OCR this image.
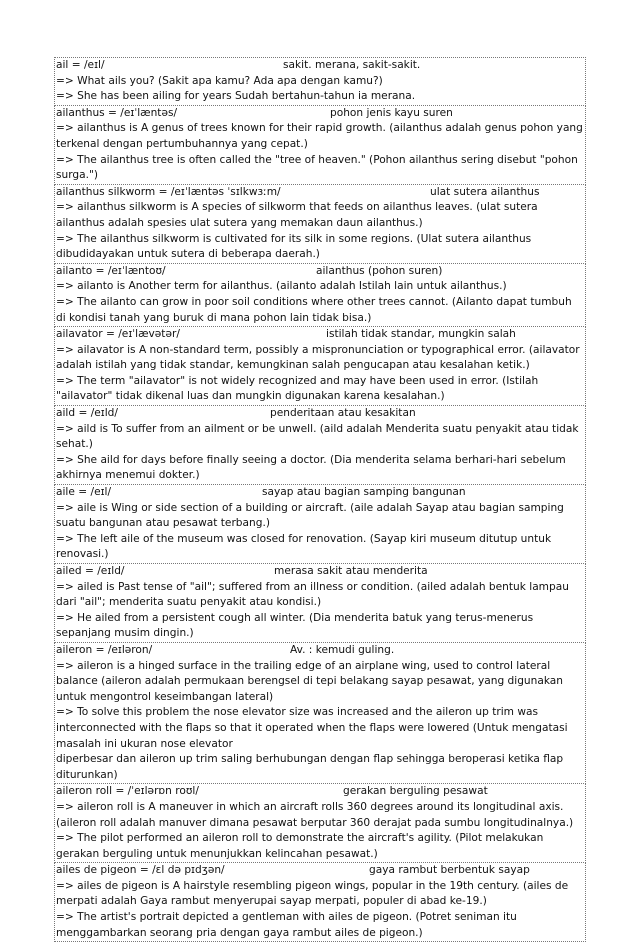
ail = /eɪl/	sakit. merana, sakit-sakit.
=> What ails you? (Sakit apa kamu? Ada apa dengan kamu?)
=> She has been ailing for years Sudah bertahun-tahun ia merana.
ailanthus = /eɪˈlæntəs/	pohon jenis kayu suren
=> ailanthus is A genus of trees known for their rapid growth. (ailanthus adalah genus pohon yang terkenal dengan pertumbuhannya yang cepat.)
=> The ailanthus tree is often called the "tree of heaven." (Pohon ailanthus sering disebut "pohon surga.")
ailanthus silkworm = /eɪˈlæntəs ˈsɪlkwɜːm/	ulat sutera ailanthus
=> ailanthus silkworm is A species of silkworm that feeds on ailanthus leaves. (ulat sutera ailanthus adalah spesies ulat sutera yang memakan daun ailanthus.)
=> The ailanthus silkworm is cultivated for its silk in some regions. (Ulat sutera ailanthus dibudidayakan untuk sutera di beberapa daerah.)
ailanto = /eɪˈlæntoʊ/	ailanthus (pohon suren)
=> ailanto is Another term for ailanthus. (ailanto adalah Istilah lain untuk ailanthus.)
=> The ailanto can grow in poor soil conditions where other trees cannot. (Ailanto dapat tumbuh di kondisi tanah yang buruk di mana pohon lain tidak bisa.)
ailavator = /eɪˈlævətər/	istilah tidak standar, mungkin salah
=> ailavator is A non-standard term, possibly a mispronunciation or typographical error. (ailavator adalah istilah yang tidak standar, kemungkinan salah pengucapan atau kesalahan ketik.)
=> The term "ailavator" is not widely recognized and may have been used in error. (Istilah "ailavator" tidak dikenal luas dan mungkin digunakan karena kesalahan.)
aild = /eɪld/	penderitaan atau kesakitan
=> aild is To suffer from an ailment or be unwell. (aild adalah Menderita suatu penyakit atau tidak sehat.)
=> She aild for days before finally seeing a doctor. (Dia menderita selama berhari-hari sebelum akhirnya menemui dokter.)
aile = /eɪl/	sayap atau bagian samping bangunan
=> aile is Wing or side section of a building or aircraft. (aile adalah Sayap atau bagian samping suatu bangunan atau pesawat terbang.)
=> The left aile of the museum was closed for renovation. (Sayap kiri museum ditutup untuk renovasi.)
ailed = /eɪld/	merasa sakit atau menderita
=> ailed is Past tense of "ail"; suffered from an illness or condition. (ailed adalah bentuk lampau dari "ail"; menderita suatu penyakit atau kondisi.)
=> He ailed from a persistent cough all winter. (Dia menderita batuk yang terus-menerus sepanjang musim dingin.)
aileron = /eɪləron/	Av. : kemudi guling.
=> aileron is a hinged surface in the trailing edge of an airplane wing, used to control lateral balance (aileron adalah permukaan berengsel di tepi belakang sayap pesawat, yang digunakan untuk mengontrol keseimbangan lateral)
=> To solve this problem the nose elevator size was increased and the aileron up trim was interconnected with the flaps so that it operated when the flaps were lowered (Untuk mengatasi masalah ini ukuran nose elevator
diperbesar dan aileron up trim saling berhubungan dengan flap sehingga beroperasi ketika flap diturunkan)
aileron roll = /ˈeɪlərɒn roʊl/	gerakan berguling pesawat
=> aileron roll is A maneuver in which an aircraft rolls 360 degrees around its longitudinal axis. (aileron roll adalah manuver dimana pesawat berputar 360 derajat pada sumbu longitudinalnya.)
=> The pilot performed an aileron roll to demonstrate the aircraft's agility. (Pilot melakukan gerakan berguling untuk menunjukkan kelincahan pesawat.)
ailes de pigeon = /ɛl də pɪdʒən/	gaya rambut berbentuk sayap
=> ailes de pigeon is A hairstyle resembling pigeon wings, popular in the 19th century. (ailes de merpati adalah Gaya rambut menyerupai sayap merpati, populer di abad ke-19.)
=> The artist's portrait depicted a gentleman with ailes de pigeon. (Potret seniman itu menggambarkan seorang pria dengan gaya rambut ailes de pigeon.)
